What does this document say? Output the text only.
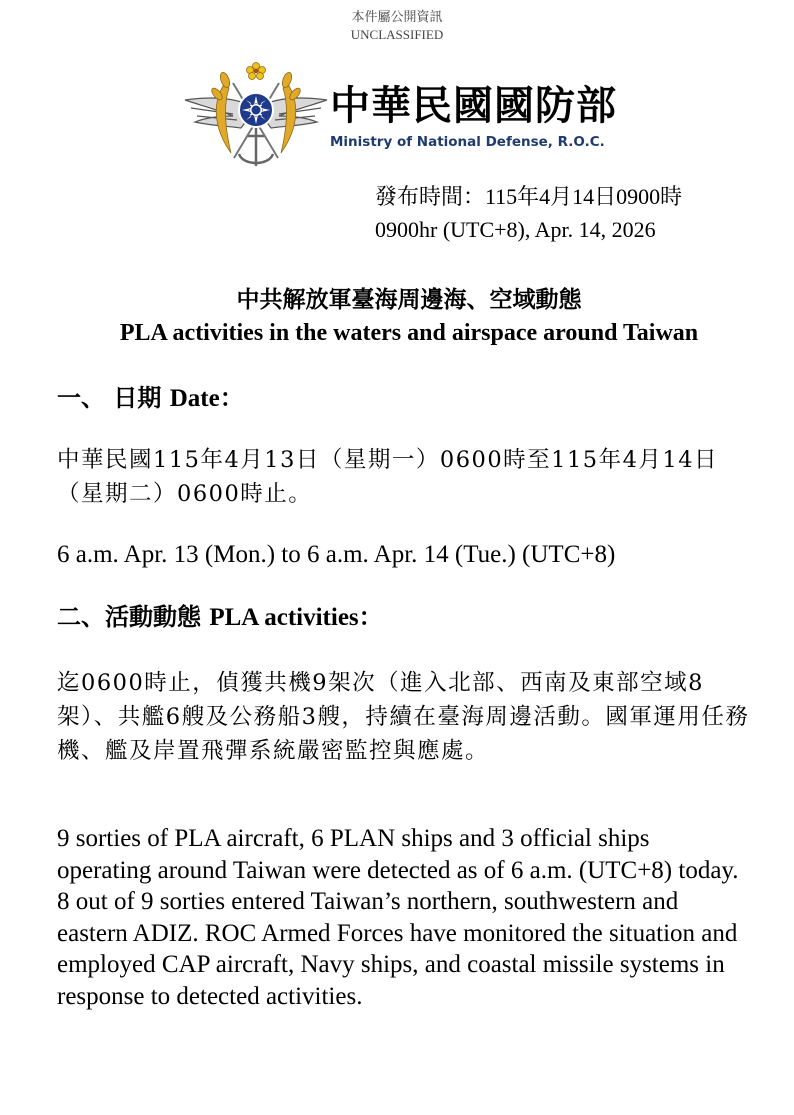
本件屬公開資訊
UNCLASSIFIED
中華民國國防部
Ministry of National Defense, R.O.C.
發布時間：115年4月14日0900時
0900hr (UTC+8), Apr. 14, 2026
中共解放軍臺海周邊海、空域動態
PLA activities in the waters and airspace around Taiwan
一、 日期 Date：
中華民國115年4月13日（星期一）0600時至115年4月14日（星期二）0600時止。
6 a.m. Apr. 13 (Mon.) to 6 a.m. Apr. 14 (Tue.) (UTC+8)
二、活動動態 PLA activities：
迄0600時止，偵獲共機9架次（進入北部、西南及東部空域8架）、共艦6艘及公務船3艘，持續在臺海周邊活動。國軍運用任務機、艦及岸置飛彈系統嚴密監控與應處。
9 sorties of PLA aircraft, 6 PLAN ships and 3 official ships operating around Taiwan were detected as of 6 a.m. (UTC+8) today. 8 out of 9 sorties entered Taiwan’s northern, southwestern and eastern ADIZ. ROC Armed Forces have monitored the situation and employed CAP aircraft, Navy ships, and coastal missile systems in response to detected activities.
